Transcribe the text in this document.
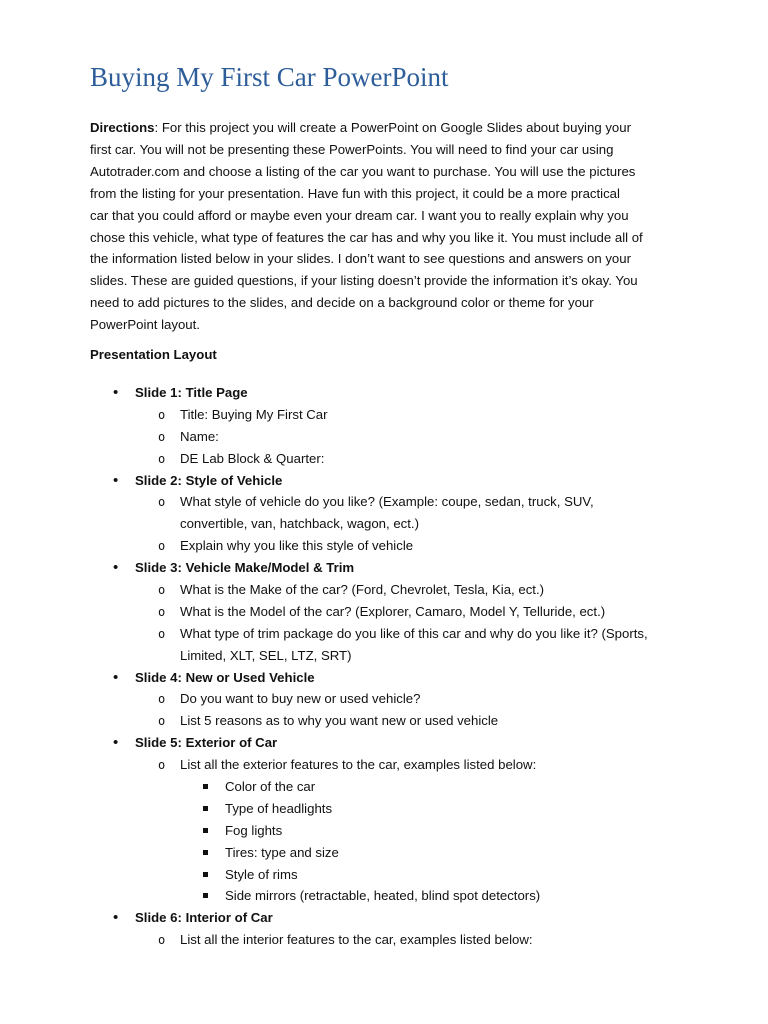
Buying My First Car PowerPoint

Directions: For this project you will create a PowerPoint on Google Slides about buying your
first car. You will not be presenting these PowerPoints. You will need to find your car using
Autotrader.com and choose a listing of the car you want to purchase. You will use the pictures
from the listing for your presentation. Have fun with this project, it could be a more practical
car that you could afford or maybe even your dream car. I want you to really explain why you
chose this vehicle, what type of features the car has and why you like it. You must include all of
the information listed below in your slides. I don’t want to see questions and answers on your
slides. These are guided questions, if your listing doesn’t provide the information it’s okay. You
need to add pictures to the slides, and decide on a background color or theme for your
PowerPoint layout.

Presentation Layout
•
Slide 1: Title Page
o
Title: Buying My First Car
o
Name:
o
DE Lab Block & Quarter:
•
Slide 2: Style of Vehicle
o
What style of vehicle do you like? (Example: coupe, sedan, truck, SUV,
convertible, van, hatchback, wagon, ect.)
o
Explain why you like this style of vehicle
•
Slide 3: Vehicle Make/Model & Trim
o
What is the Make of the car? (Ford, Chevrolet, Tesla, Kia, ect.)
o
What is the Model of the car? (Explorer, Camaro, Model Y, Telluride, ect.)
o
What type of trim package do you like of this car and why do you like it? (Sports,
Limited, XLT, SEL, LTZ, SRT)
•
Slide 4: New or Used Vehicle
o
Do you want to buy new or used vehicle?
o
List 5 reasons as to why you want new or used vehicle
•
Slide 5: Exterior of Car
o
List all the exterior features to the car, examples listed below:
Color of the car
Type of headlights
Fog lights
Tires: type and size
Style of rims
Side mirrors (retractable, heated, blind spot detectors)
•
Slide 6: Interior of Car
o
List all the interior features to the car, examples listed below:
